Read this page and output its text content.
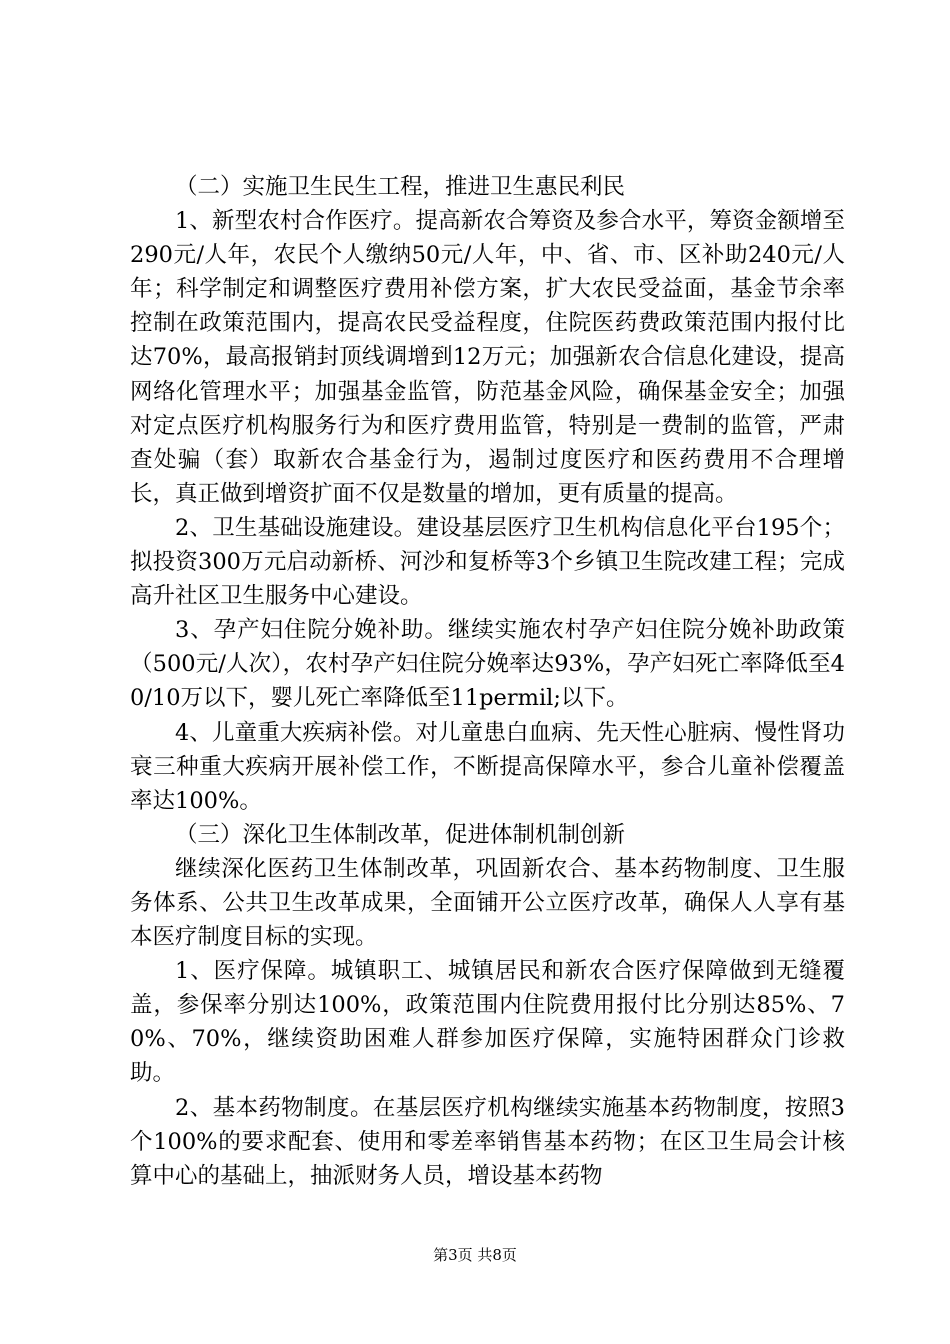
（二）实施卫生民生工程，推进卫生惠民利民

1、新型农村合作医疗。提高新农合筹资及参合水平，筹资金额增至290元/人年，农民个人缴纳50元/人年，中、省、市、区补助240元/人年；科学制定和调整医疗费用补偿方案，扩大农民受益面，基金节余率控制在政策范围内，提高农民受益程度，住院医药费政策范围内报付比达70%，最高报销封顶线调增到12万元；加强新农合信息化建设，提高网络化管理水平；加强基金监管，防范基金风险，确保基金安全；加强对定点医疗机构服务行为和医疗费用监管，特别是一费制的监管，严肃查处骗（套）取新农合基金行为，遏制过度医疗和医药费用不合理增长，真正做到增资扩面不仅是数量的增加，更有质量的提高。

2、卫生基础设施建设。建设基层医疗卫生机构信息化平台195个；拟投资300万元启动新桥、河沙和复桥等3个乡镇卫生院改建工程；完成高升社区卫生服务中心建设。

3、孕产妇住院分娩补助。继续实施农村孕产妇住院分娩补助政策（500元/人次），农村孕产妇住院分娩率达93%，孕产妇死亡率降低至40/10万以下，婴儿死亡率降低至11permil;以下。

4、儿童重大疾病补偿。对儿童患白血病、先天性心脏病、慢性肾功衰三种重大疾病开展补偿工作，不断提高保障水平，参合儿童补偿覆盖率达100%。

（三）深化卫生体制改革，促进体制机制创新

继续深化医药卫生体制改革，巩固新农合、基本药物制度、卫生服务体系、公共卫生改革成果，全面铺开公立医疗改革，确保人人享有基本医疗制度目标的实现。

1、医疗保障。城镇职工、城镇居民和新农合医疗保障做到无缝覆盖，参保率分别达100%，政策范围内住院费用报付比分别达85%、70%、70%，继续资助困难人群参加医疗保障，实施特困群众门诊救助。

2、基本药物制度。在基层医疗机构继续实施基本药物制度，按照3个100%的要求配套、使用和零差率销售基本药物；在区卫生局会计核算中心的基础上，抽派财务人员，增设基本药物

第3页 共8页
